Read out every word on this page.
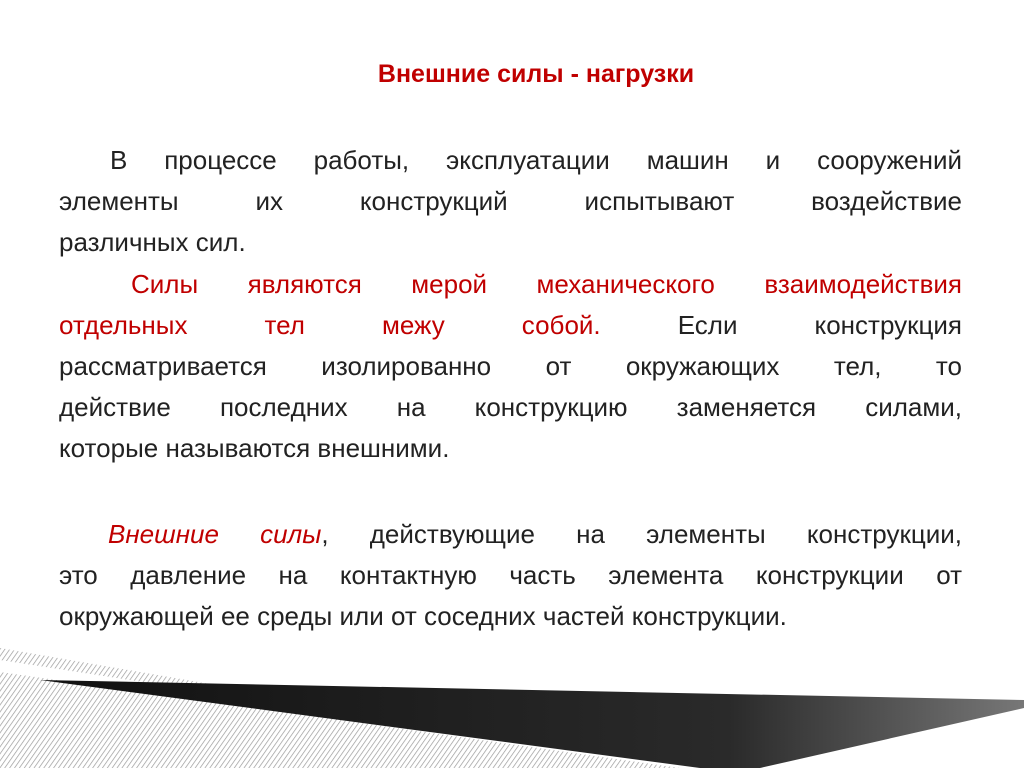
Внешние силы - нагрузки
В процессе работы, эксплуатации машин и сооружений
элементы их конструкций испытывают воздействие
различных сил.
Силы являются мерой механического взаимодействия
отдельных тел межу собой.	Если конструкция
рассматривается изолированно от окружающих тел, то
действие последних на конструкцию заменяется силами,
которые называются внешними.
Внешние силы, действующие на элементы конструкции,
это давление на контактную часть элемента конструкции от
окружающей ее среды или от соседних частей конструкции.
